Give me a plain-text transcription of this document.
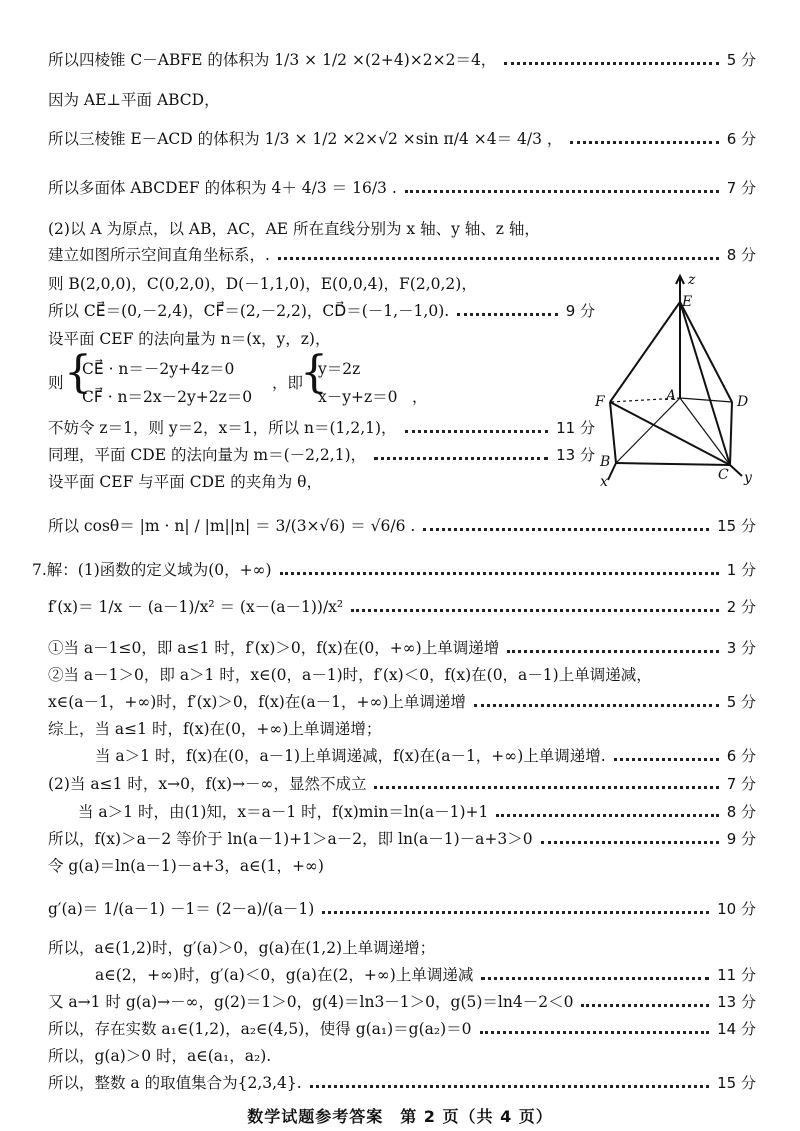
所以四棱锥 C－ABFE 的体积为 1/3 × 1/2 ×(2+4)×2×2＝4，	5 分
因为 AE⊥平面 ABCD，
所以三棱锥 E－ACD 的体积为 1/3 × 1/2 ×2×√2 ×sin π/4 ×4＝ 4/3 ，	6 分
所以多面体 ABCDEF 的体积为 4＋ 4/3 ＝ 16/3 .	7 分
(2)以 A 为原点，以 AB，AC，AE 所在直线分别为 x 轴、y 轴、z 轴，
建立如图所示空间直角坐标系，.	8 分
则 B(2,0,0)，C(0,2,0)，D(－1,1,0)，E(0,0,4)，F(2,0,2)，
所以 CE⃗＝(0,－2,4)，CF⃗＝(2,－2,2)，CD⃗＝(－1,－1,0).	9 分
设平面 CEF 的法向量为 n＝(x，y，z)，
则 {
CE⃗ · n＝－2y+4z＝0
CF⃗ · n＝2x－2y+2z＝0
，即
{
y＝2z
x－y+z＝0 ，
不妨令 z＝1，则 y＝2，x＝1，所以 n＝(1,2,1)，	11 分
同理，平面 CDE 的法向量为 m＝(－2,2,1)，	13 分
设平面 CEF 与平面 CDE 的夹角为 θ，
所以 cosθ＝ |m · n| / |m||n| ＝ 3/(3×√6) ＝ √6/6 .	15 分
7.解：(1)函数的定义域为(0，+∞)	1 分
f′(x)＝ 1/x － (a－1)/x² ＝ (x－(a－1))/x²	2 分
①当 a－1≤0，即 a≤1 时，f′(x)＞0，f(x)在(0，+∞)上单调递增	3 分
②当 a－1＞0，即 a＞1 时，x∈(0，a－1)时，f′(x)＜0，f(x)在(0，a－1)上单调递减，
x∈(a－1，+∞)时，f′(x)＞0，f(x)在(a－1，+∞)上单调递增	5 分
综上，当 a≤1 时，f(x)在(0，+∞)上单调递增；
当 a＞1 时，f(x)在(0，a－1)上单调递减，f(x)在(a－1，+∞)上单调递增.	6 分
(2)当 a≤1 时，x→0，f(x)→－∞，显然不成立	7 分
当 a＞1 时，由(1)知，x＝a－1 时，f(x)min＝ln(a－1)+1	8 分
所以，f(x)＞a－2 等价于 ln(a－1)+1＞a－2，即 ln(a－1)－a+3＞0	9 分
令 g(a)＝ln(a－1)－a+3，a∈(1，+∞)
g′(a)＝ 1/(a－1) －1＝ (2－a)/(a－1)	10 分
所以，a∈(1,2)时，g′(a)＞0，g(a)在(1,2)上单调递增；
a∈(2，+∞)时，g′(a)＜0，g(a)在(2，+∞)上单调递减	11 分
又 a→1 时 g(a)→－∞，g(2)＝1＞0，g(4)＝ln3－1＞0，g(5)＝ln4－2＜0	13 分
所以，存在实数 a₁∈(1,2)，a₂∈(4,5)，使得 g(a₁)＝g(a₂)＝0	14 分
所以，g(a)＞0 时，a∈(a₁，a₂).
所以，整数 a 的取值集合为{2,3,4}.	15 分
z
E
F	A	D
B
C
x	y
数学试题参考答案　第 2 页（共 4 页）
